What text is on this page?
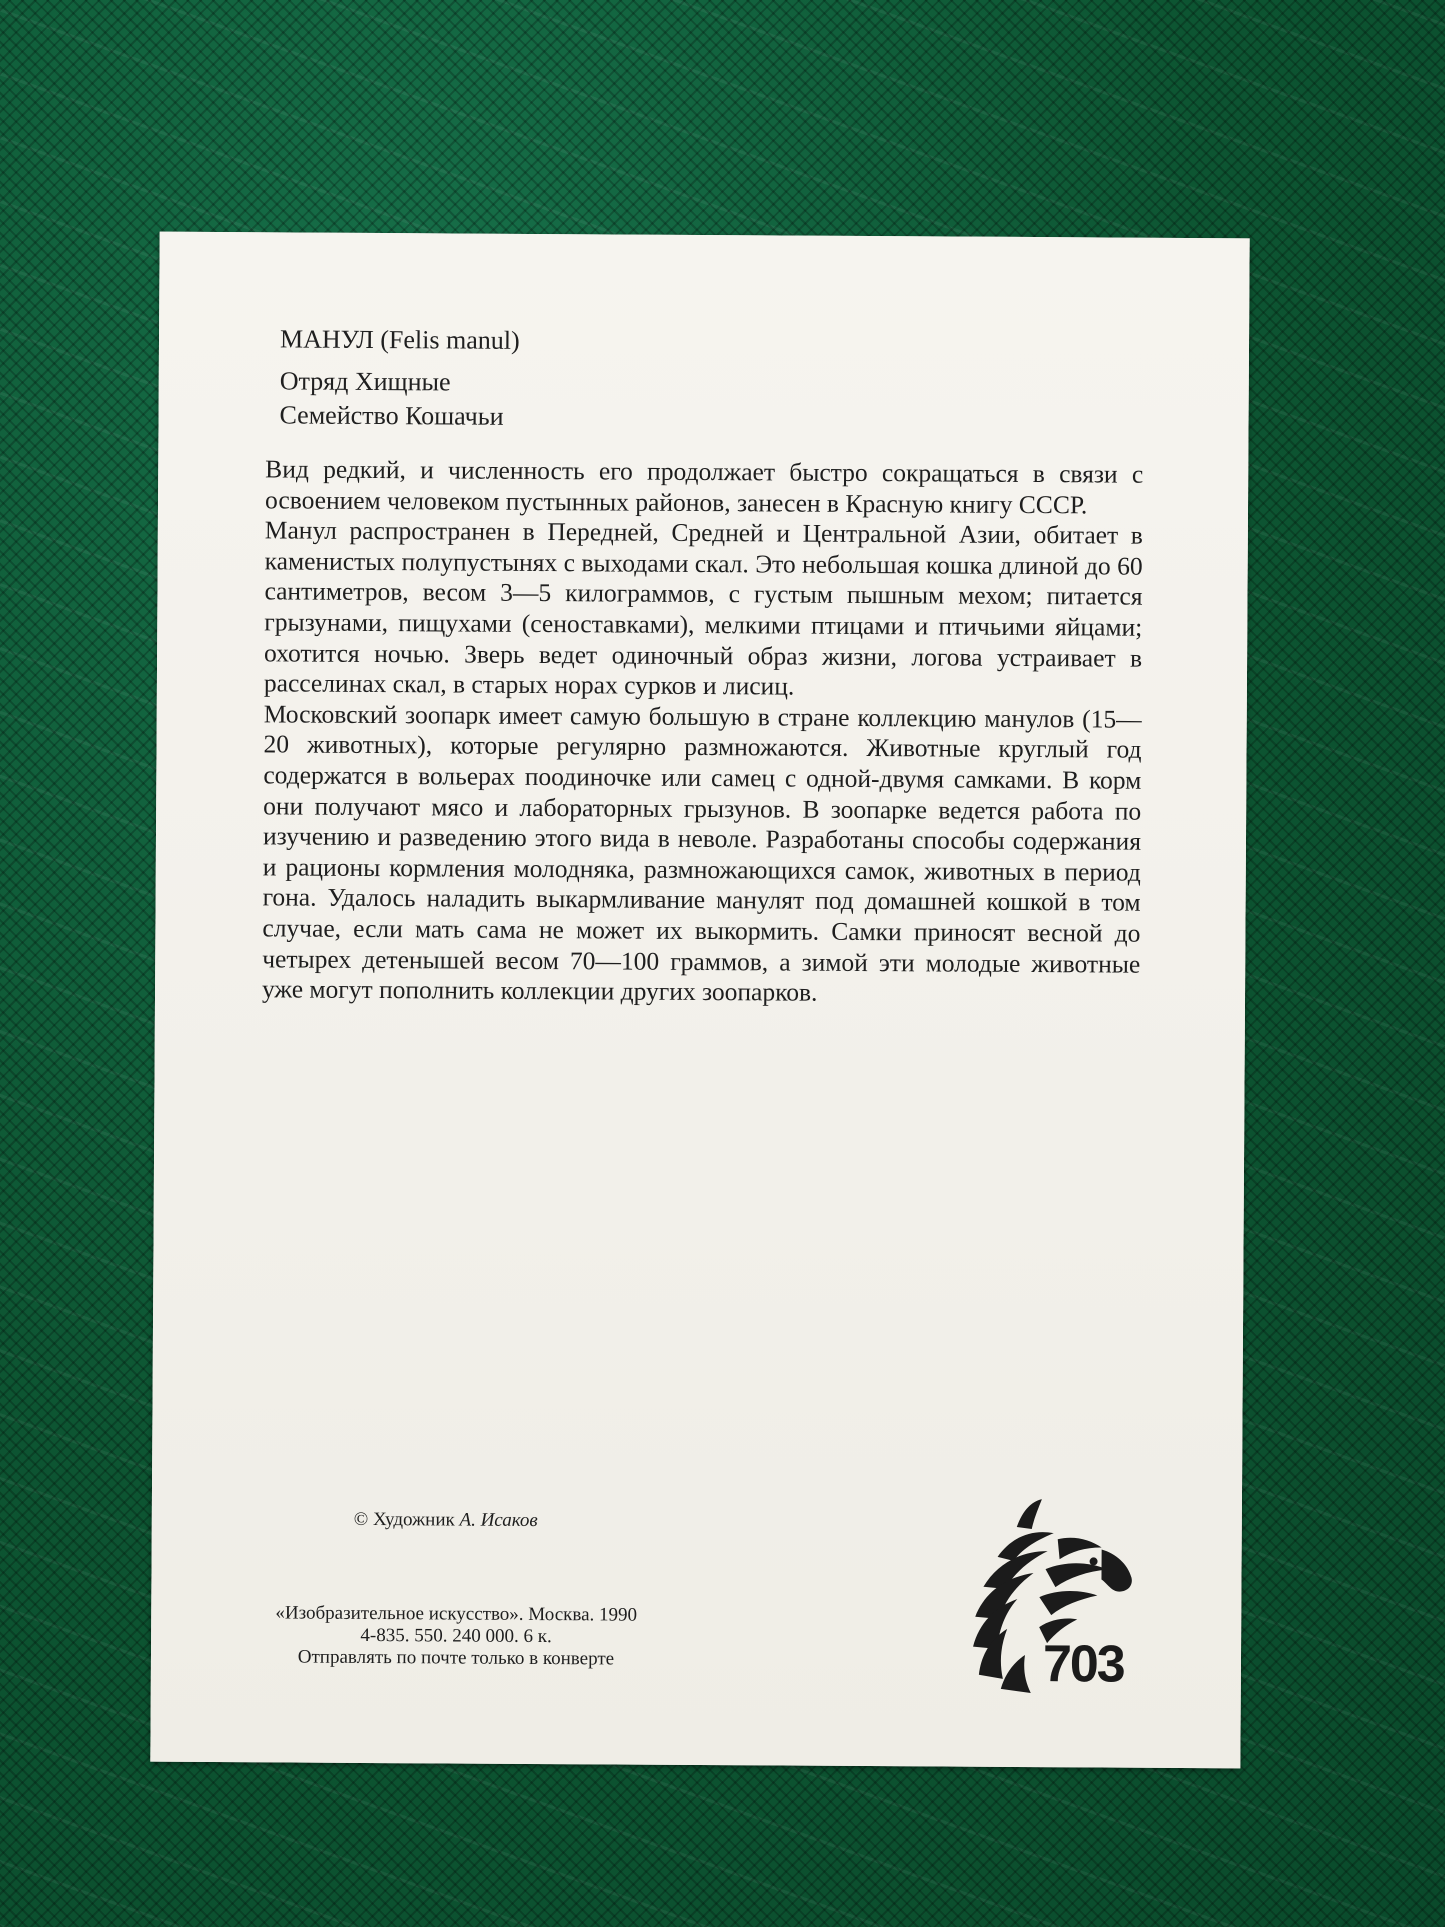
МАНУЛ (Felis manul)
Отряд Хищные
Семейство Кошачьи

Вид редкий, и численность его продолжает быстро сокращаться в связи с освоением человеком пустынных районов, занесен в Красную книгу СССР.

Манул распространен в Передней, Средней и Центральной Азии, обитает в каменистых полупустынях с выходами скал. Это небольшая кошка длиной до 60 сантиметров, весом 3—5 килограммов, с густым пышным мехом; питается грызунами, пищухами (сеноставками), мелкими птицами и птичьими яйцами; охотится ночью. Зверь ведет одиночный образ жизни, логова устраивает в расселинах скал, в старых норах сурков и лисиц.

Московский зоопарк имеет самую большую в стране коллекцию манулов (15—20 животных), которые регулярно размножаются. Животные круглый год содержатся в вольерах поодиночке или самец с одной-двумя самками. В корм они получают мясо и лабораторных грызунов. В зоопарке ведется работа по изучению и разведению этого вида в неволе. Разработаны способы содержания и рационы кормления молодняка, размножающихся самок, животных в период гона. Удалось наладить выкармливание манулят под домашней кошкой в том случае, если мать сама не может их выкормить. Самки приносят весной до четырех детенышей весом 70—100 граммов, а зимой эти молодые животные уже могут пополнить коллекции других зоопарков.

© Художник А. Исаков
«Изобразительное искусство». Москва. 1990
4-835. 550. 240 000. 6 к.
Отправлять по почте только в конверте	703
